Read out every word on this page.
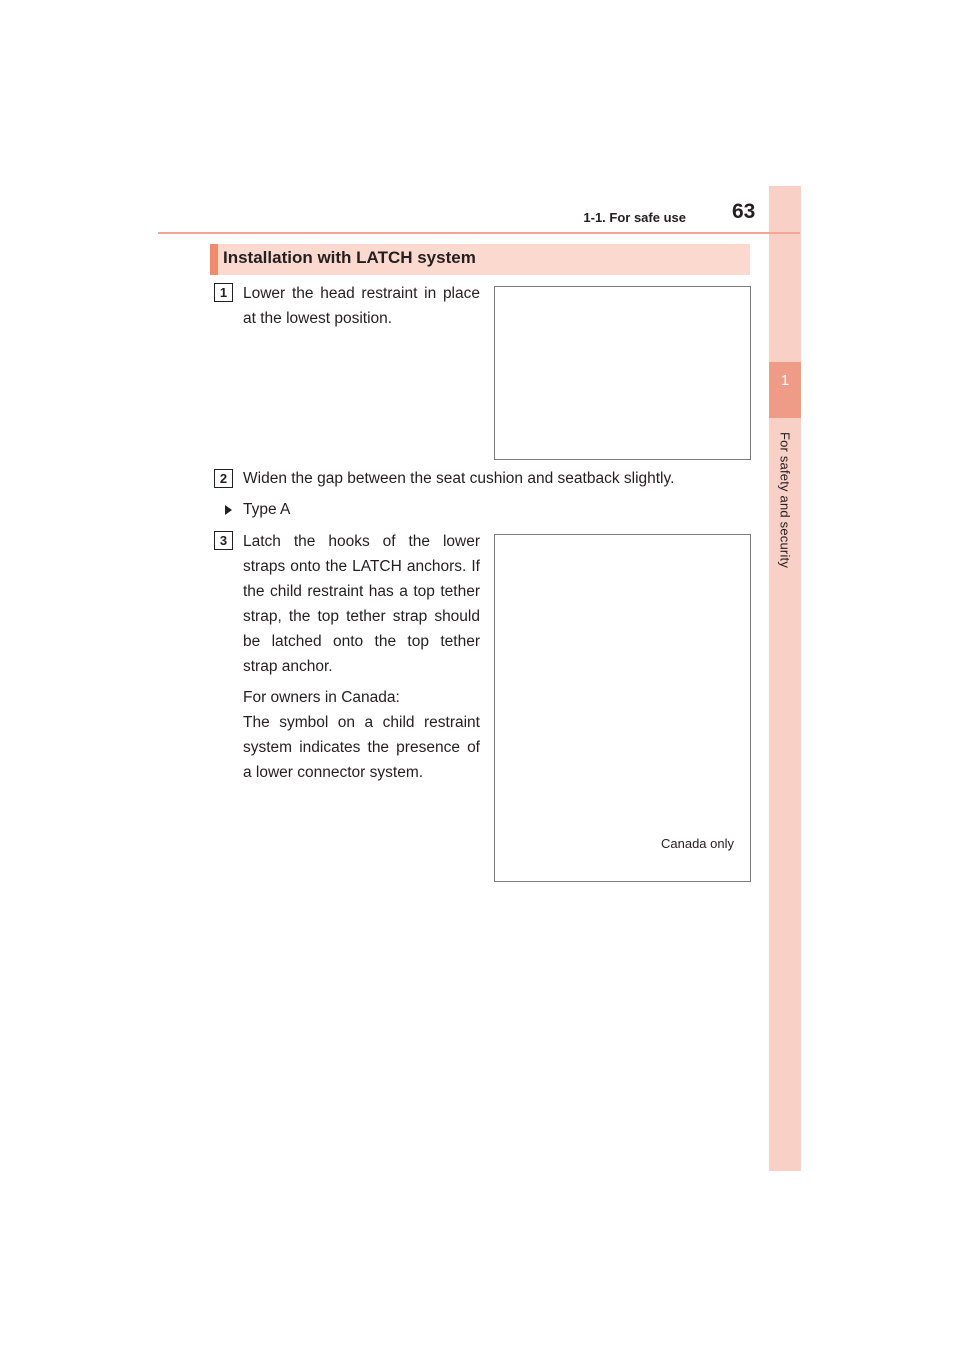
1
For safety and security
1-1. For safe use 63
Installation with LATCH system
1	Lower the head restraint in place at the lowest position.
2	Widen the gap between the seat cushion and seatback slightly.
Type A
3	Latch the hooks of the lower straps onto the LATCH anchors. If the child restraint has a top tether strap, the top tether strap should be latched onto the top tether strap anchor.
For owners in Canada:
The symbol on a child restraint system indicates the presence of a lower connector system.
Canada only
